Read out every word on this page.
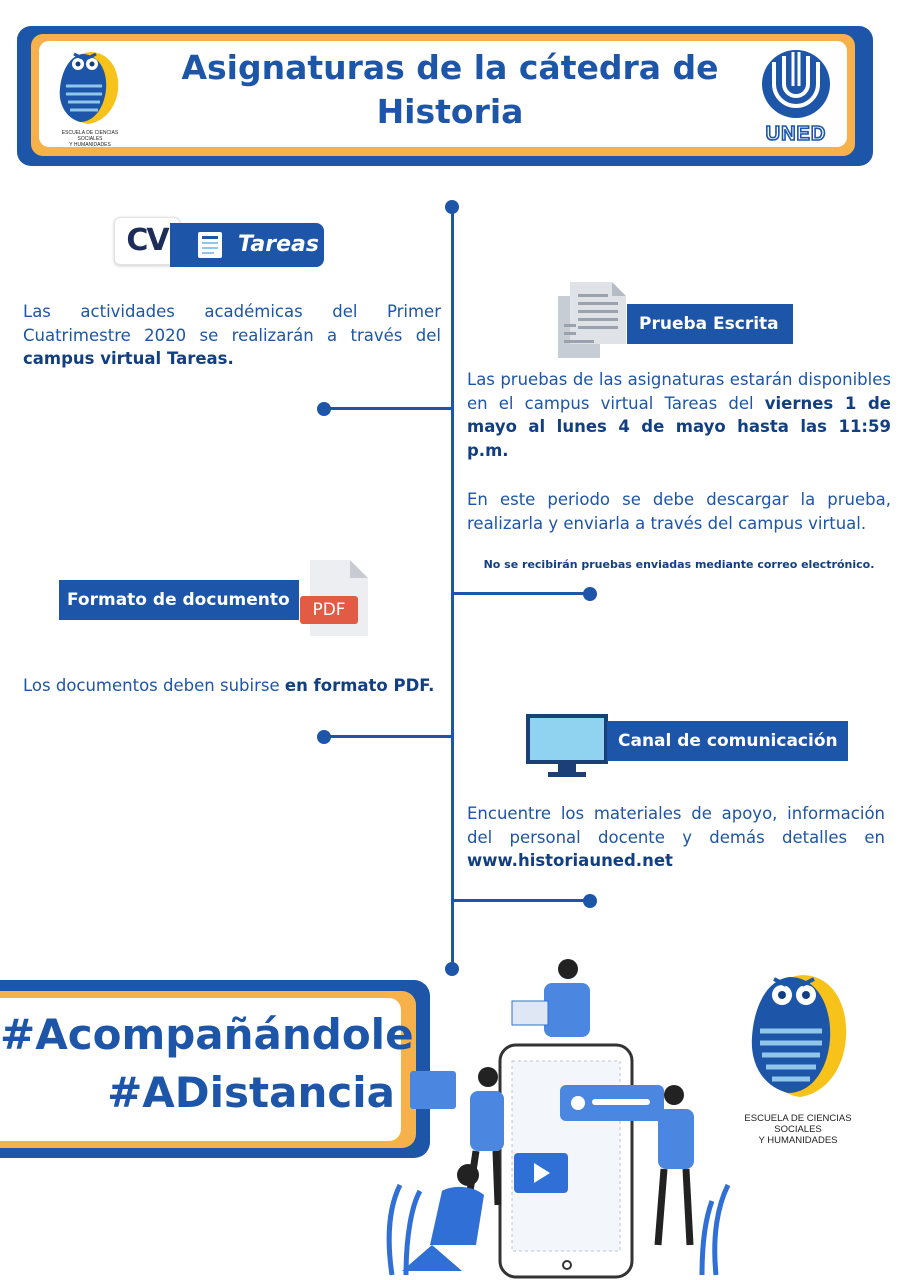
ESCUELA DE CIENCIAS SOCIALES
Y HUMANIDADES
Asignaturas de la cátedra de
Historia
UNED
CV	Tareas
Las actividades académicas del Primer Cuatrimestre 2020 se realizarán a través del campus virtual Tareas.
Prueba Escrita
Las pruebas de las asignaturas estarán disponibles en el campus virtual Tareas del viernes 1 de mayo al lunes 4 de mayo hasta las 11:59 p.m.
En este periodo se debe descargar la prueba, realizarla y enviarla a través del campus virtual.
No se recibirán pruebas enviadas mediante correo electrónico.
Formato de documento	PDF
Los documentos deben subirse en formato PDF.
Canal de comunicación
Encuentre los materiales de apoyo, información del personal docente y demás detalles en www.historiauned.net
#Acompañándole
#ADistancia
ESCUELA DE CIENCIAS SOCIALES
Y HUMANIDADES
